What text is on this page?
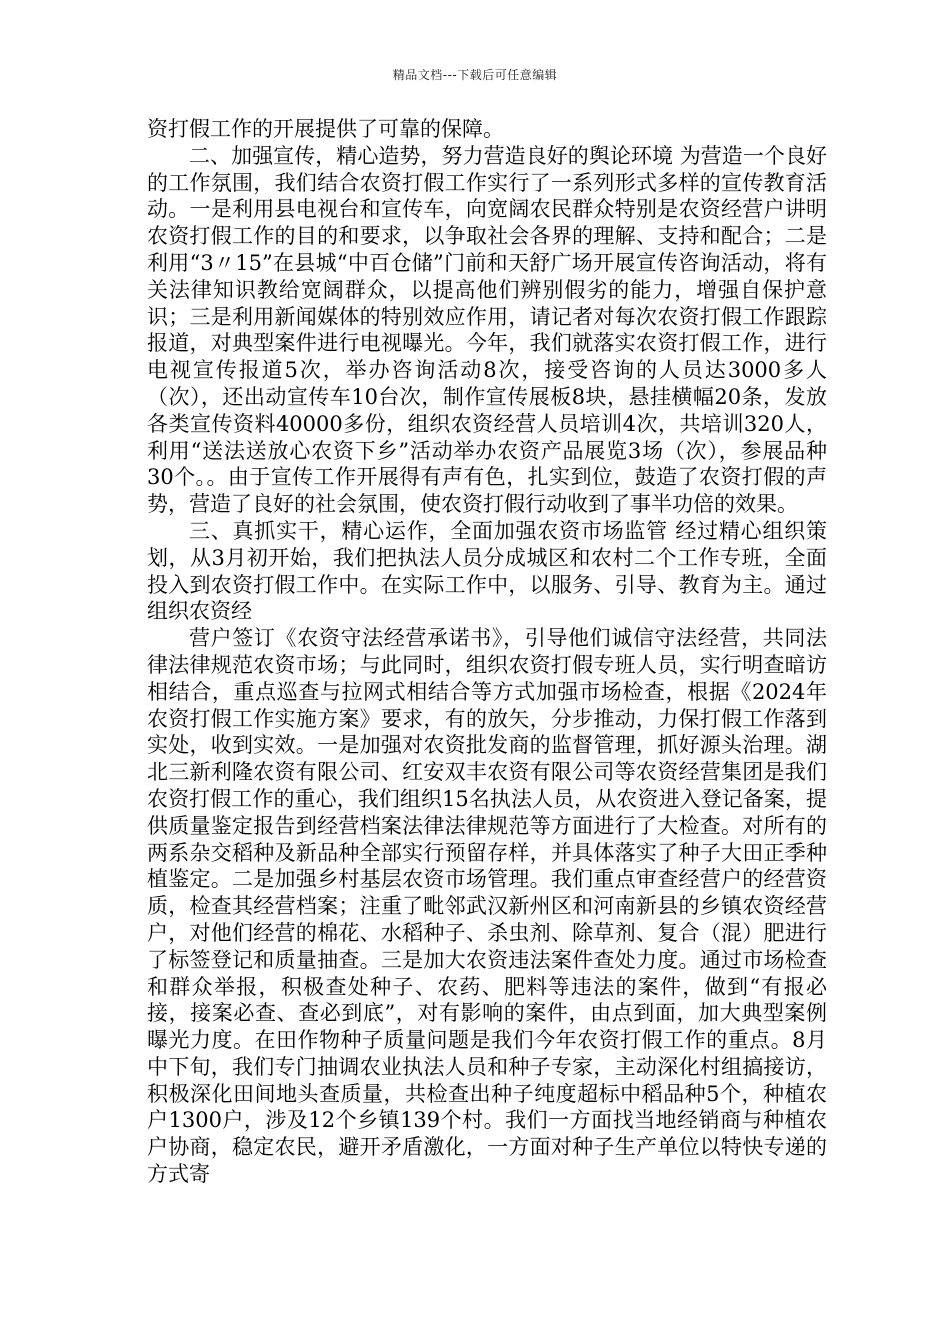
精品文档---下载后可任意编辑

资打假工作的开展提供了可靠的保障。

二、加强宣传，精心造势，努力营造良好的舆论环境 为营造一个良好的工作氛围，我们结合农资打假工作实行了一系列形式多样的宣传教育活动。一是利用县电视台和宣传车，向宽阔农民群众特别是农资经营户讲明农资打假工作的目的和要求，以争取社会各界的理解、支持和配合；二是利用“3〃15”在县城“中百仓储”门前和天舒广场开展宣传咨询活动，将有关法律知识教给宽阔群众，以提高他们辨别假劣的能力，增强自保护意识；三是利用新闻媒体的特别效应作用，请记者对每次农资打假工作跟踪报道，对典型案件进行电视曝光。今年，我们就落实农资打假工作，进行电视宣传报道5次，举办咨询活动8次，接受咨询的人员达3000多人（次），还出动宣传车10台次，制作宣传展板8块，悬挂横幅20条，发放各类宣传资料40000多份，组织农资经营人员培训4次，共培训320人，利用“送法送放心农资下乡”活动举办农资产品展览3场（次），参展品种30个。。由于宣传工作开展得有声有色，扎实到位，鼓造了农资打假的声势，营造了良好的社会氛围，使农资打假行动收到了事半功倍的效果。

三、真抓实干，精心运作，全面加强农资市场监管 经过精心组织策划，从3月初开始，我们把执法人员分成城区和农村二个工作专班，全面投入到农资打假工作中。在实际工作中，以服务、引导、教育为主。通过组织农资经

营户签订《农资守法经营承诺书》，引导他们诚信守法经营，共同法律法律规范农资市场；与此同时，组织农资打假专班人员，实行明查暗访相结合，重点巡查与拉网式相结合等方式加强市场检查，根据《2024年农资打假工作实施方案》要求，有的放矢，分步推动，力保打假工作落到实处，收到实效。一是加强对农资批发商的监督管理，抓好源头治理。湖北三新利隆农资有限公司、红安双丰农资有限公司等农资经营集团是我们农资打假工作的重心，我们组织15名执法人员，从农资进入登记备案，提供质量鉴定报告到经营档案法律法律规范等方面进行了大检查。对所有的两系杂交稻种及新品种全部实行预留存样，并具体落实了种子大田正季种植鉴定。二是加强乡村基层农资市场管理。我们重点审查经营户的经营资质，检查其经营档案；注重了毗邻武汉新州区和河南新县的乡镇农资经营户，对他们经营的棉花、水稻种子、杀虫剂、除草剂、复合（混）肥进行了标签登记和质量抽查。三是加大农资违法案件查处力度。通过市场检查和群众举报，积极查处种子、农药、肥料等违法的案件，做到“有报必接，接案必查、查必到底”，对有影响的案件，由点到面，加大典型案例曝光力度。在田作物种子质量问题是我们今年农资打假工作的重点。8月中下旬，我们专门抽调农业执法人员和种子专家，主动深化村组搞接访，积极深化田间地头查质量，共检查出种子纯度超标中稻品种5个，种植农户1300户，涉及12个乡镇139个村。我们一方面找当地经销商与种植农户协商，稳定农民，避开矛盾激化，一方面对种子生产单位以特快专递的方式寄
